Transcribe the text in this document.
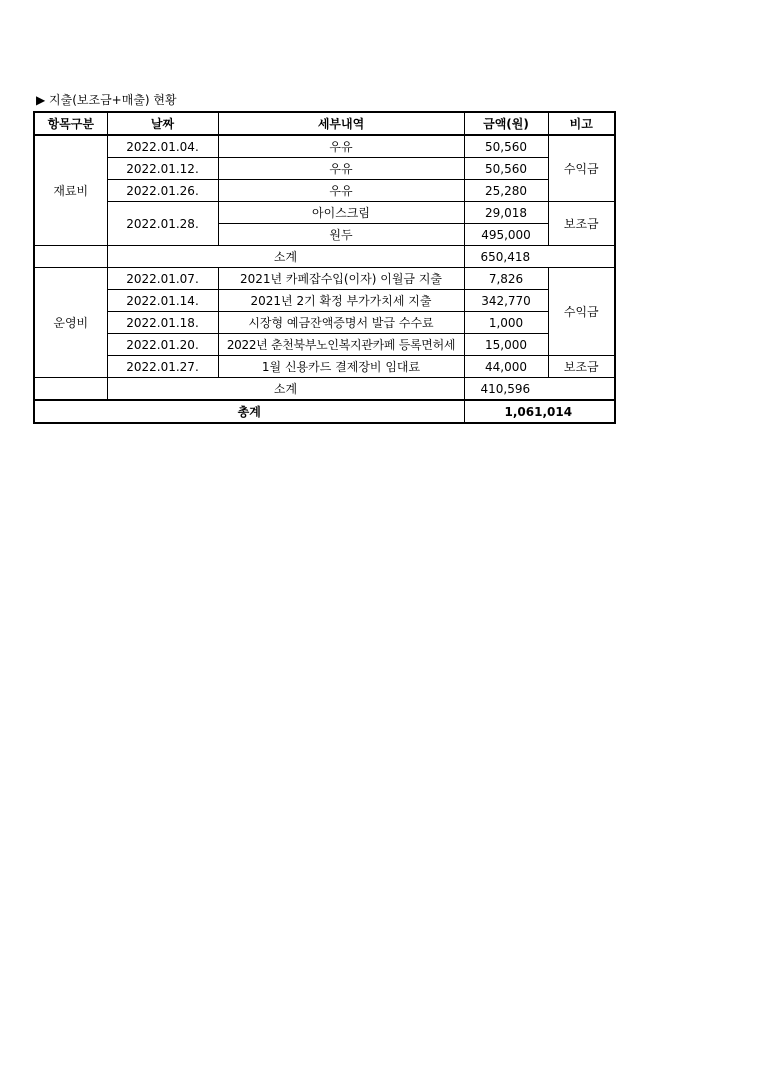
▶ 지출(보조금+매출) 현황
항목구분	날짜	세부내역	금액(원)	비고
재료비	2022.01.04.	우유	50,560	수익금
	2022.01.12.	우유	50,560	
	2022.01.26.	우유	25,280	
	2022.01.28.	아이스크림	29,018	보조금
		원두	495,000	
	소계		650,418	
운영비	2022.01.07.	2021년 카페잡수입(이자) 이월금 지출	7,826	수익금
	2022.01.14.	2021년 2기 확정 부가가치세 지출	342,770	
	2022.01.18.	시장형 예금잔액증명서 발급 수수료	1,000	
	2022.01.20.	2022년 춘천북부노인복지관카페 등록면허세	15,000	
	2022.01.27.	1월 신용카드 결제장비 임대료	44,000	보조금
	소계		410,596	
총계			1,061,014	
